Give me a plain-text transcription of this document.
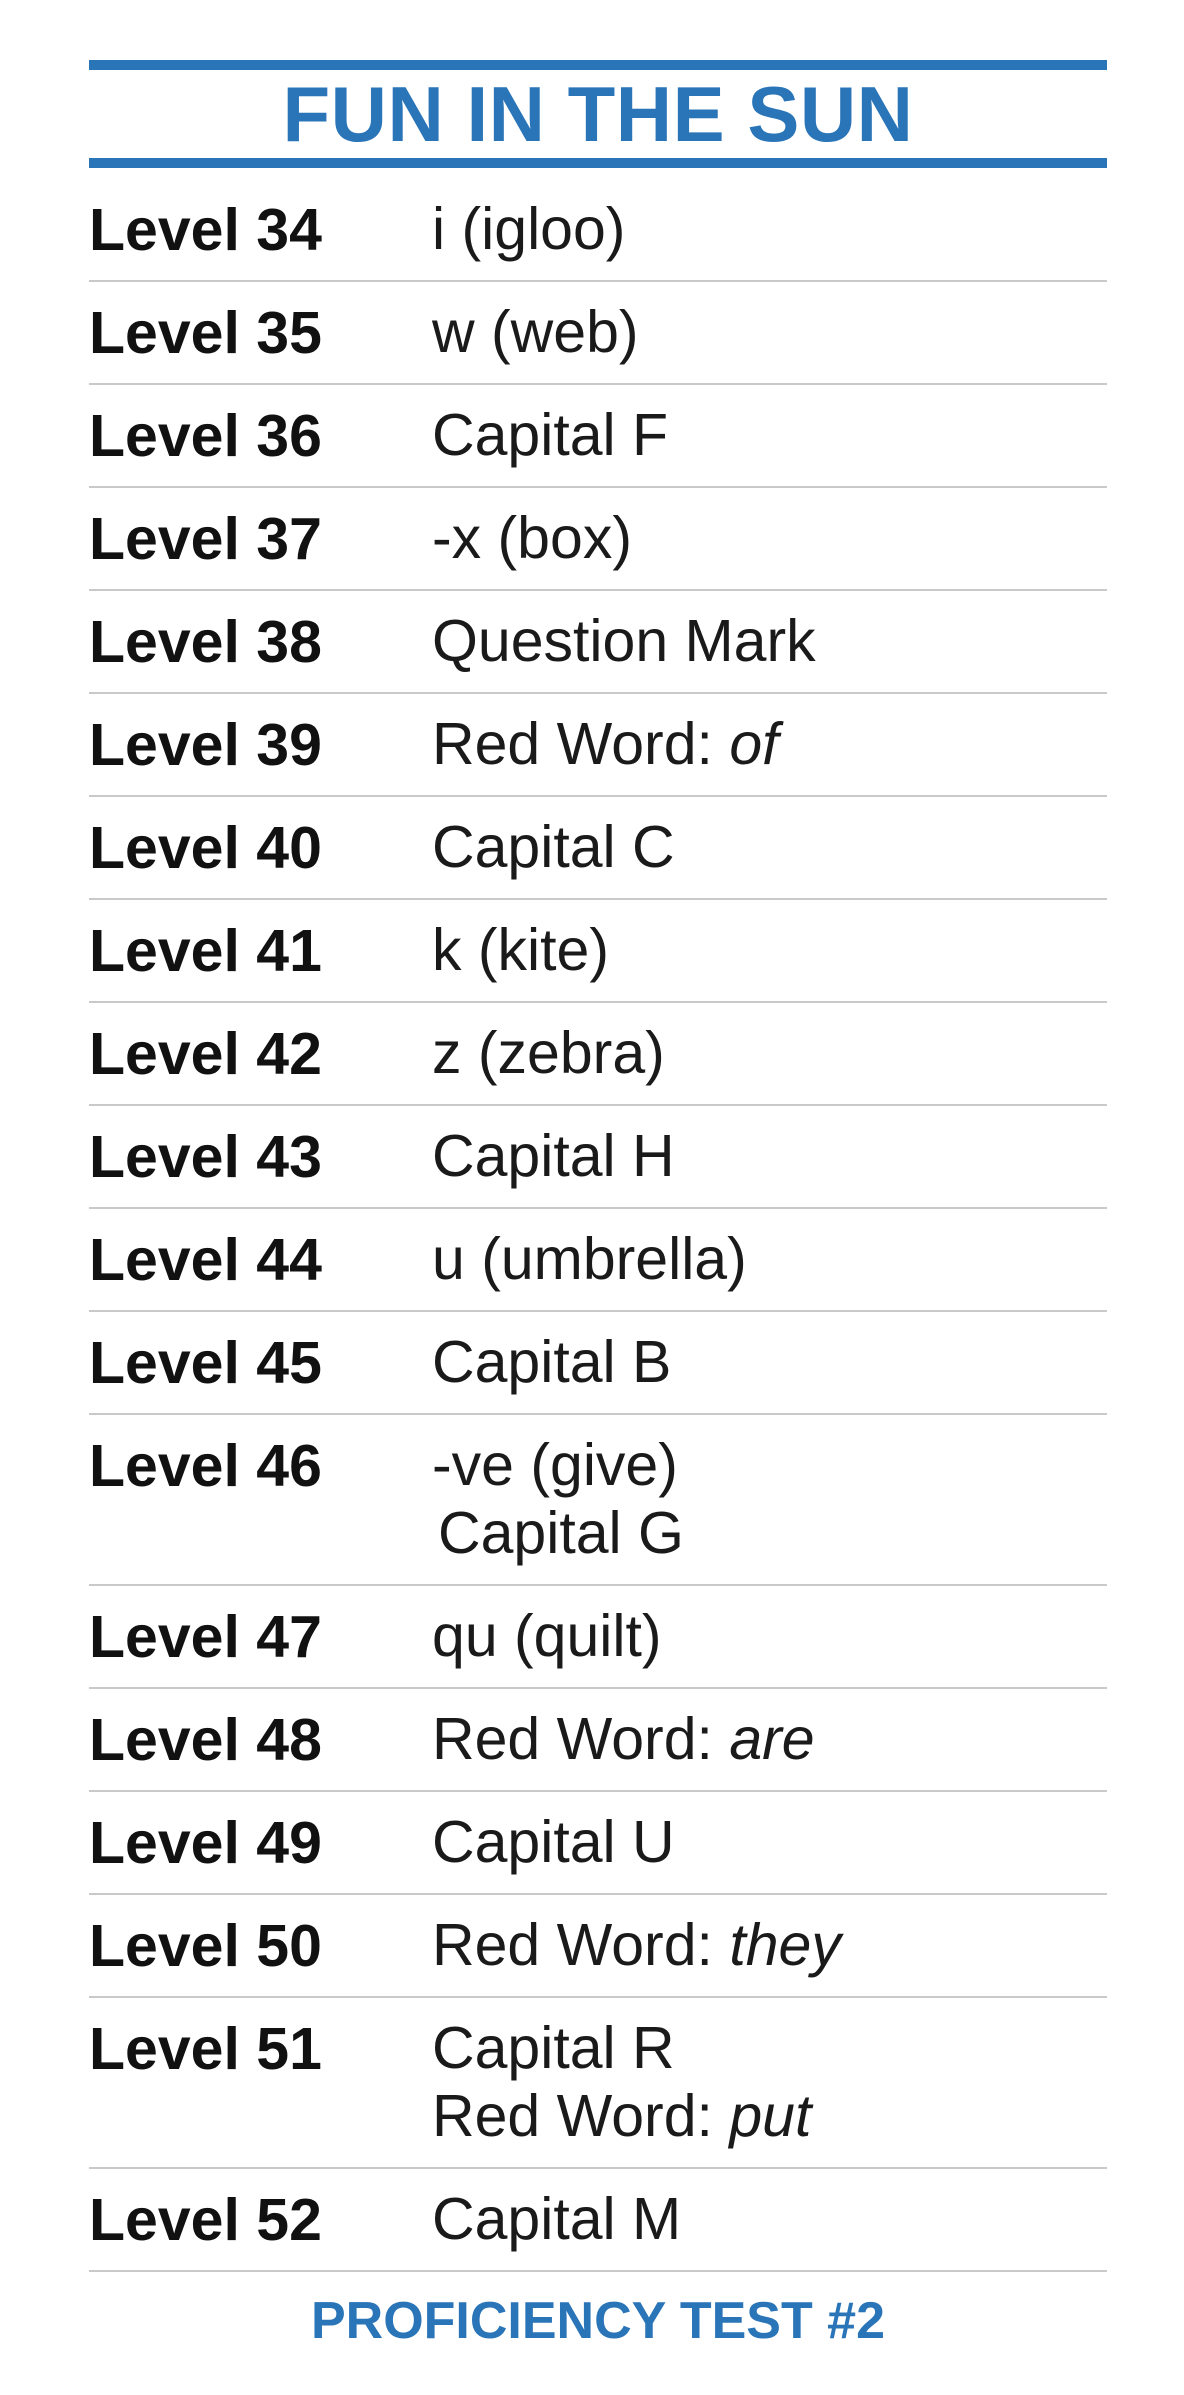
FUN IN THE SUN
Level 34	i (igloo)
Level 35	w (web)
Level 36	Capital F
Level 37	-x (box)
Level 38	Question Mark
Level 39	Red Word: of
Level 40	Capital C
Level 41	k (kite)
Level 42	z (zebra)
Level 43	Capital H
Level 44	u (umbrella)
Level 45	Capital B
Level 46	-ve (give)
Capital G
Level 47	qu (quilt)
Level 48	Red Word: are
Level 49	Capital U
Level 50	Red Word: they
Level 51	Capital R
Red Word: put
Level 52	Capital M
PROFICIENCY TEST #2
